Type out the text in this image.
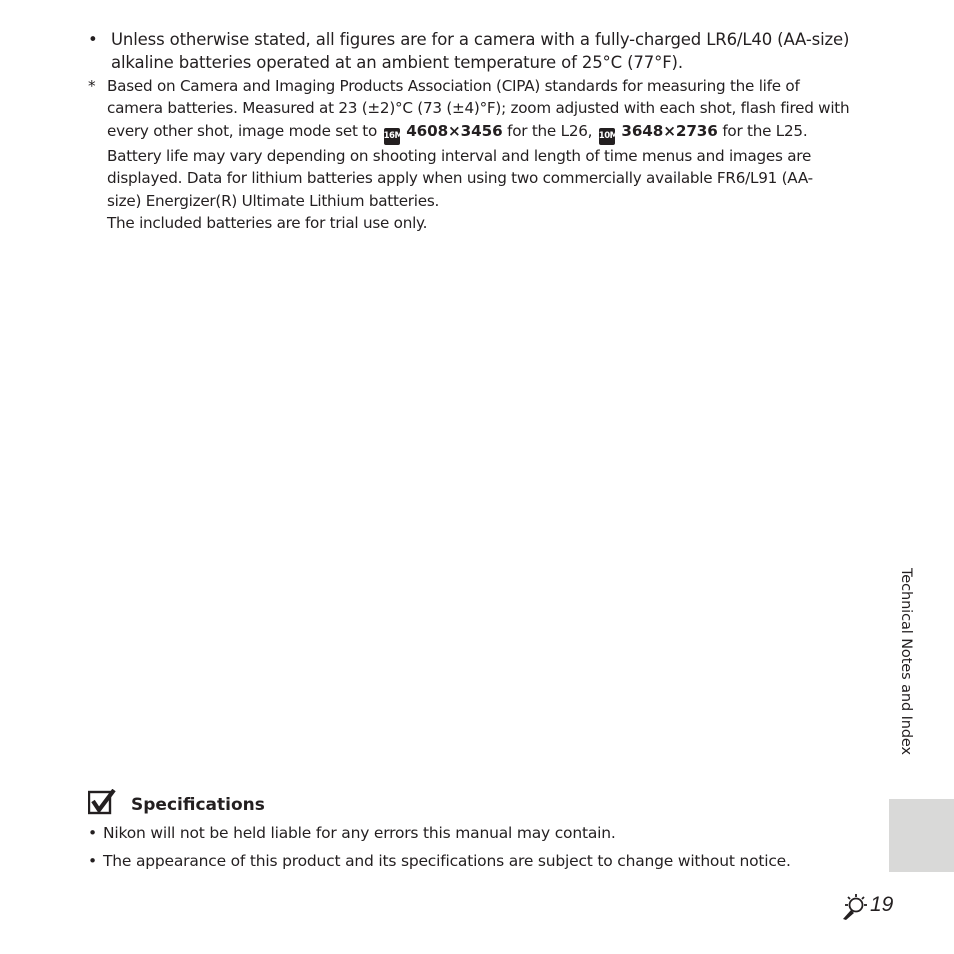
• Unless otherwise stated, all figures are for a camera with a fully-charged LR6/L40 (AA-size) alkaline batteries operated at an ambient temperature of 25°C (77°F).
* Based on Camera and Imaging Products Association (CIPA) standards for measuring the life of
camera batteries. Measured at 23 (±2)°C (73 (±4)°F); zoom adjusted with each shot, flash fired with
every other shot, image mode set to 16M 4608×3456 for the L26, 10M 3648×2736 for the L25.
Battery life may vary depending on shooting interval and length of time menus and images are
displayed. Data for lithium batteries apply when using two commercially available FR6/L91 (AA-
size) Energizer(R) Ultimate Lithium batteries.
The included batteries are for trial use only.
Specifications
• Nikon will not be held liable for any errors this manual may contain.
• The appearance of this product and its specifications are subject to change without notice.
Technical Notes and Index
19
